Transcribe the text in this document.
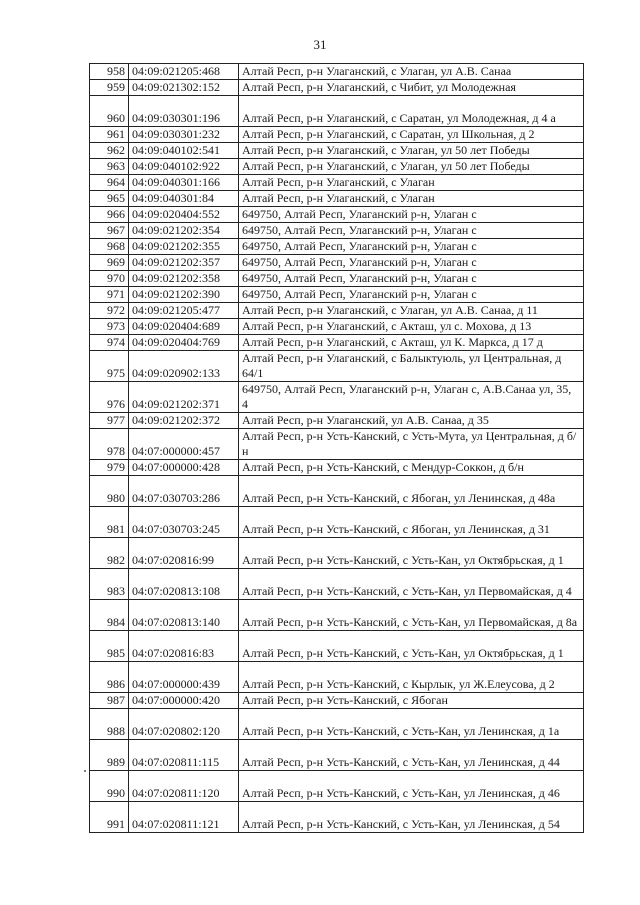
31
958	04:09:021205:468	Алтай Респ, р-н Улаганский, с Улаган, ул А.В. Санаа
959	04:09:021302:152	Алтай Респ, р-н Улаганский, с Чибит, ул Молодежная
960	04:09:030301:196	Алтай Респ, р-н Улаганский, с Саратан, ул Молодежная, д 4 а
961	04:09:030301:232	Алтай Респ, р-н Улаганский, с Саратан, ул Школьная, д 2
962	04:09:040102:541	Алтай Респ, р-н Улаганский, с Улаган, ул 50 лет Победы
963	04:09:040102:922	Алтай Респ, р-н Улаганский, с Улаган, ул 50 лет Победы
964	04:09:040301:166	Алтай Респ, р-н Улаганский, с Улаган
965	04:09:040301:84	Алтай Респ, р-н Улаганский, с Улаган
966	04:09:020404:552	649750, Алтай Респ, Улаганский р-н, Улаган с
967	04:09:021202:354	649750, Алтай Респ, Улаганский р-н, Улаган с
968	04:09:021202:355	649750, Алтай Респ, Улаганский р-н, Улаган с
969	04:09:021202:357	649750, Алтай Респ, Улаганский р-н, Улаган с
970	04:09:021202:358	649750, Алтай Респ, Улаганский р-н, Улаган с
971	04:09:021202:390	649750, Алтай Респ, Улаганский р-н, Улаган с
972	04:09:021205:477	Алтай Респ, р-н Улаганский, с Улаган, ул А.В. Санаа, д 11
973	04:09:020404:689	Алтай Респ, р-н Улаганский, с Акташ, ул с. Мохова, д 13
974	04:09:020404:769	Алтай Респ, р-н Улаганский, с Акташ, ул К. Маркса, д 17 д
975	04:09:020902:133	Алтай Респ, р-н Улаганский, с Балыктуюль, ул Центральная, д 64/1
976	04:09:021202:371	649750, Алтай Респ, Улаганский р-н, Улаган с, А.В.Санаа ул, 35, 4
977	04:09:021202:372	Алтай Респ, р-н Улаганский, ул А.В. Санаа, д 35
978	04:07:000000:457	Алтай Респ, р-н Усть-Канский, с Усть-Мута, ул Центральная, д б/н
979	04:07:000000:428	Алтай Респ, р-н Усть-Канский, с Мендур-Соккон, д б/н
980	04:07:030703:286	Алтай Респ, р-н Усть-Канский, с Ябоган, ул Ленинская, д 48а
981	04:07:030703:245	Алтай Респ, р-н Усть-Канский, с Ябоган, ул Ленинская, д 31
982	04:07:020816:99	Алтай Респ, р-н Усть-Канский, с Усть-Кан, ул Октябрьская, д 1
983	04:07:020813:108	Алтай Респ, р-н Усть-Канский, с Усть-Кан, ул Первомайская, д 4
984	04:07:020813:140	Алтай Респ, р-н Усть-Канский, с Усть-Кан, ул Первомайская, д 8а
985	04:07:020816:83	Алтай Респ, р-н Усть-Канский, с Усть-Кан, ул Октябрьская, д 1
986	04:07:000000:439	Алтай Респ, р-н Усть-Канский, с Кырлык, ул Ж.Елеусова, д 2
987	04:07:000000:420	Алтай Респ, р-н Усть-Канский, с Ябоган
988	04:07:020802:120	Алтай Респ, р-н Усть-Канский, с Усть-Кан, ул Ленинская, д 1а
989	04:07:020811:115	Алтай Респ, р-н Усть-Канский, с Усть-Кан, ул Ленинская, д 44
990	04:07:020811:120	Алтай Респ, р-н Усть-Канский, с Усть-Кан, ул Ленинская, д 46
991	04:07:020811:121	Алтай Респ, р-н Усть-Канский, с Усть-Кан, ул Ленинская, д 54
